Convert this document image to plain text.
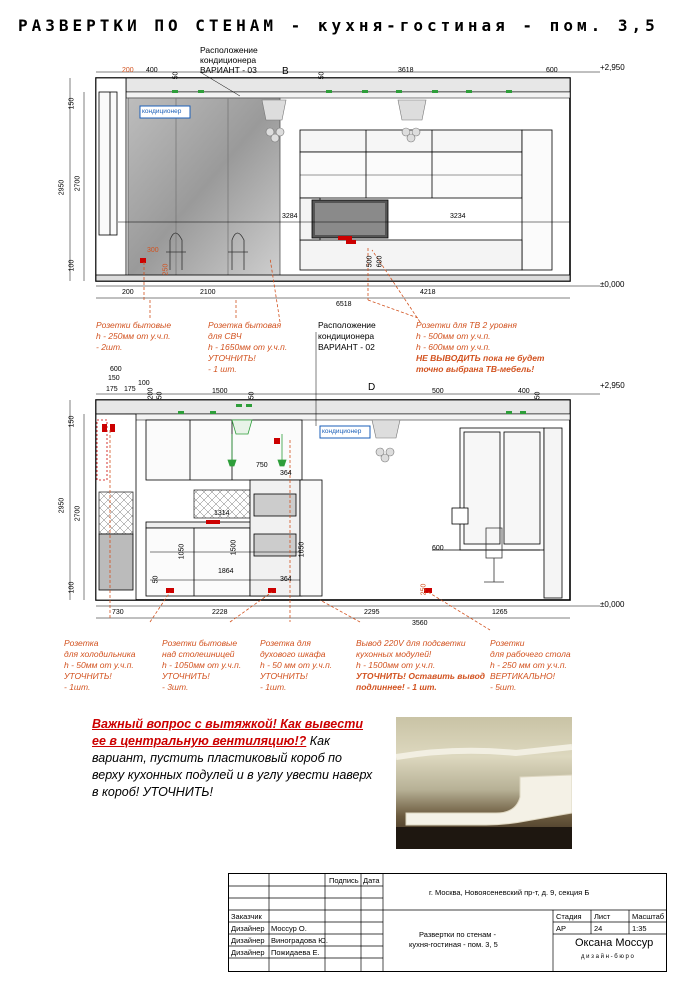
РАЗВЕРТКИ ПО СТЕНАМ - кухня-гостиная - пом. 3,5
B
Расположение
кондиционера
ВАРИАНТ - 03
кондиционер
+2,950
±0,000
200 400
50	50
3618	600
150
2950 2700
100
3284	3234
300
250
500 600
200	2100	4218
6518
Розетки бытовые
h - 250мм от у.ч.п.
- 2шт.
Розетка бытовая
для СВЧ
h - 1650мм от у.ч.п.
УТОЧНИТЬ!
- 1 шт.
Расположение
кондиционера
ВАРИАНТ - 02
Розетки для ТВ 2 уровня
h - 500мм от у.ч.п.
h - 600мм от у.ч.п.
НЕ ВЫВОДИТЬ пока не будет
точно выбрана ТВ-мебель!
D
кондиционер
+2,950
±0,000
600
150
175 175
100
200 50
1500
50
500	400
50
150
2950
2700
100
750
364
1314
1500	1650
1050
1864
364
50
600
250
730	2228	2295	1265
3560
Розетка
для холодильника
h - 50мм от у.ч.п.
УТОЧНИТЬ!
- 1шт.
Розетки бытовые
над столешницей
h - 1050мм от у.ч.п.
УТОЧНИТЬ!
- 3шт.
Розетка для
духового шкафа
h - 50 мм от у.ч.п.
УТОЧНИТЬ!
- 1шт.
Вывод 220V для подсветки
кухонных модулей!
h - 1500мм от у.ч.п.
УТОЧНИТЬ! Оставить вывод
подлиннее! - 1 шт.
Розетки
для рабочего стола
h - 250 мм от у.ч.п.
ВЕРТИКАЛЬНО!
- 5шт.
Важный вопрос с вытяжкой! Как вывести ее в центральную вентиляцию!? Как вариант, пустить пластиковый короб по верху кухонных подулей и в углу увести наверх в короб! УТОЧНИТЬ!
Подпись Дата
г. Москва, Новоясеневский пр-т, д. 9, секция Б
Заказчик
Дизайнер Моссур О.
Дизайнер Виноградова Ю.
Дизайнер Пожидаева Е.
Развертки по стенам -
кухня-гостиная - пом. 3, 5
Стадия Лист	Масштаб
АР	24	1:35
Оксана Моссур
д и з а й н - б ю р о
